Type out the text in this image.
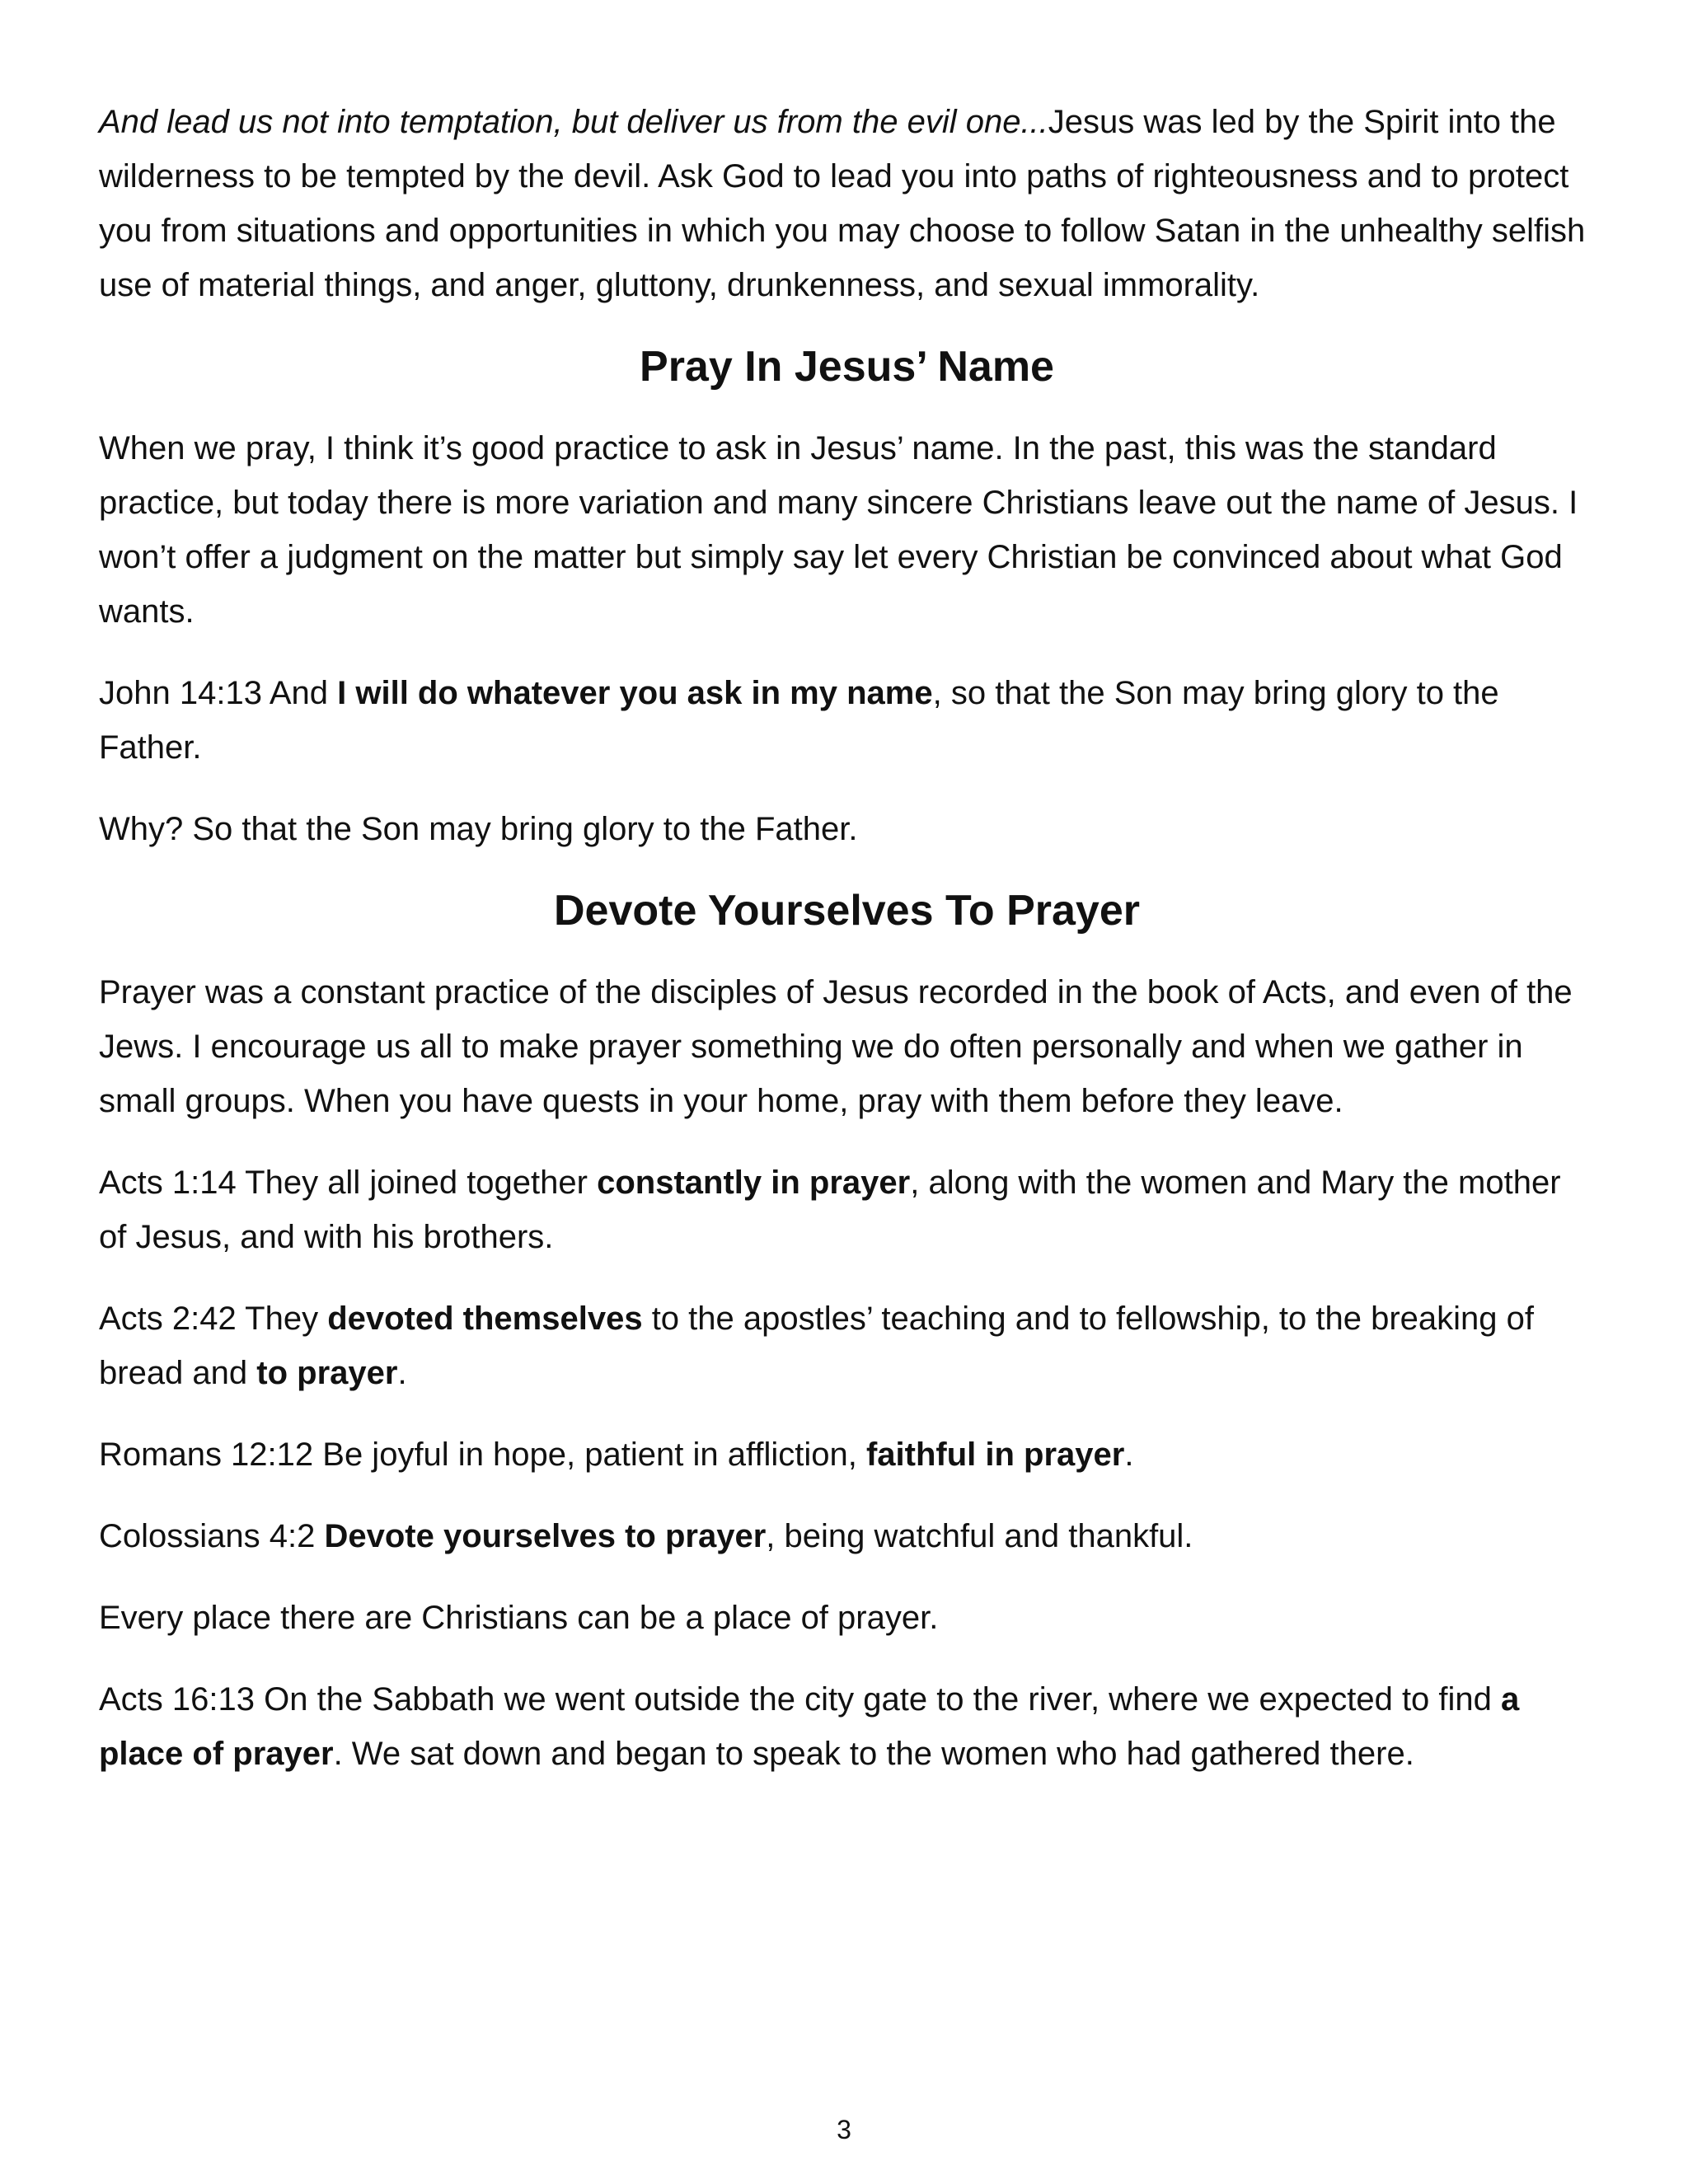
And lead us not into temptation, but deliver us from the evil one...Jesus was led by the Spirit into the wilderness to be tempted by the devil. Ask God to lead you into paths of righteousness and to protect you from situations and opportunities in which you may choose to follow Satan in the unhealthy selfish use of material things, and anger, gluttony, drunkenness, and sexual immorality.

Pray In Jesus’ Name

When we pray, I think it’s good practice to ask in Jesus’ name. In the past, this was the standard practice, but today there is more variation and many sincere Christians leave out the name of Jesus. I won’t offer a judgment on the matter but simply say let every Christian be convinced about what God wants.

John 14:13 And I will do whatever you ask in my name, so that the Son may bring glory to the Father.

Why? So that the Son may bring glory to the Father.

Devote Yourselves To Prayer

Prayer was a constant practice of the disciples of Jesus recorded in the book of Acts, and even of the Jews. I encourage us all to make prayer something we do often personally and when we gather in small groups. When you have quests in your home, pray with them before they leave.

Acts 1:14 They all joined together constantly in prayer, along with the women and Mary the mother of Jesus, and with his brothers.

Acts 2:42 They devoted themselves to the apostles’ teaching and to fellowship, to the breaking of bread and to prayer.

Romans 12:12 Be joyful in hope, patient in affliction, faithful in prayer.

Colossians 4:2 Devote yourselves to prayer, being watchful and thankful.

Every place there are Christians can be a place of prayer.

Acts 16:13 On the Sabbath we went outside the city gate to the river, where we expected to find a place of prayer. We sat down and began to speak to the women who had gathered there.

3
